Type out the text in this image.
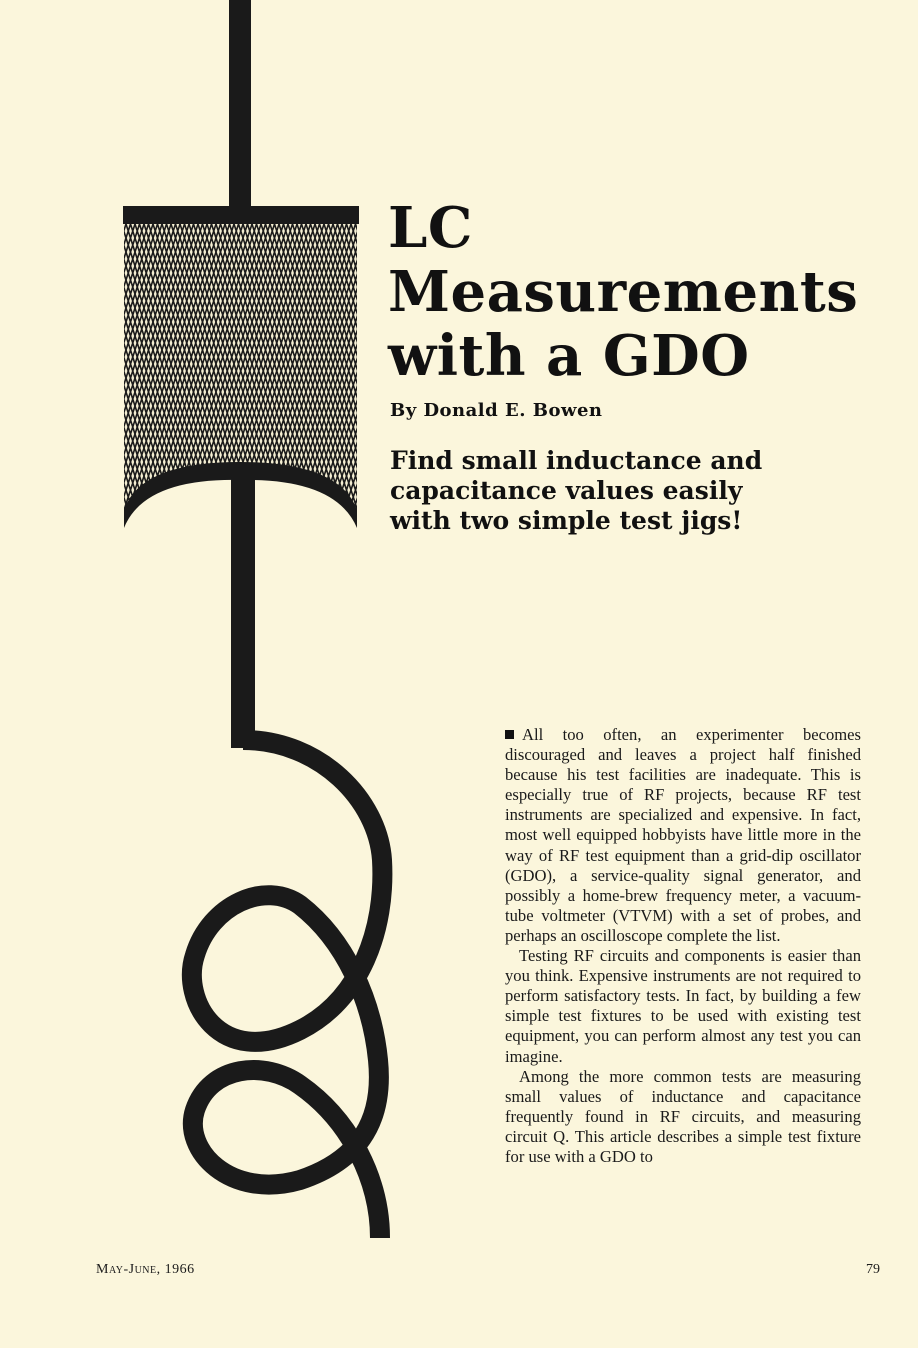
LC
Measurements
with a GDO
By Donald E. Bowen
Find small inductance and
capacitance values easily
with two simple test jigs!

All too often, an experimenter becomes discouraged and leaves a project half finished because his test facilities are inadequate. This is especially true of RF projects, because RF test instruments are specialized and expensive. In fact, most well equipped hobbyists have little more in the way of RF test equipment than a grid-dip oscillator (GDO), a service-quality signal generator, and possibly a home-brew frequency meter, a vacuum-tube voltmeter (VTVM) with a set of probes, and perhaps an oscilloscope complete the list.

Testing RF circuits and components is easier than you think. Expensive instruments are not required to perform satisfactory tests. In fact, by building a few simple test fixtures to be used with existing test equipment, you can perform almost any test you can imagine.

Among the more common tests are measuring small values of inductance and capacitance frequently found in RF circuits, and measuring circuit Q. This article describes a simple test fixture for use with a GDO to

May-June, 1966	79
